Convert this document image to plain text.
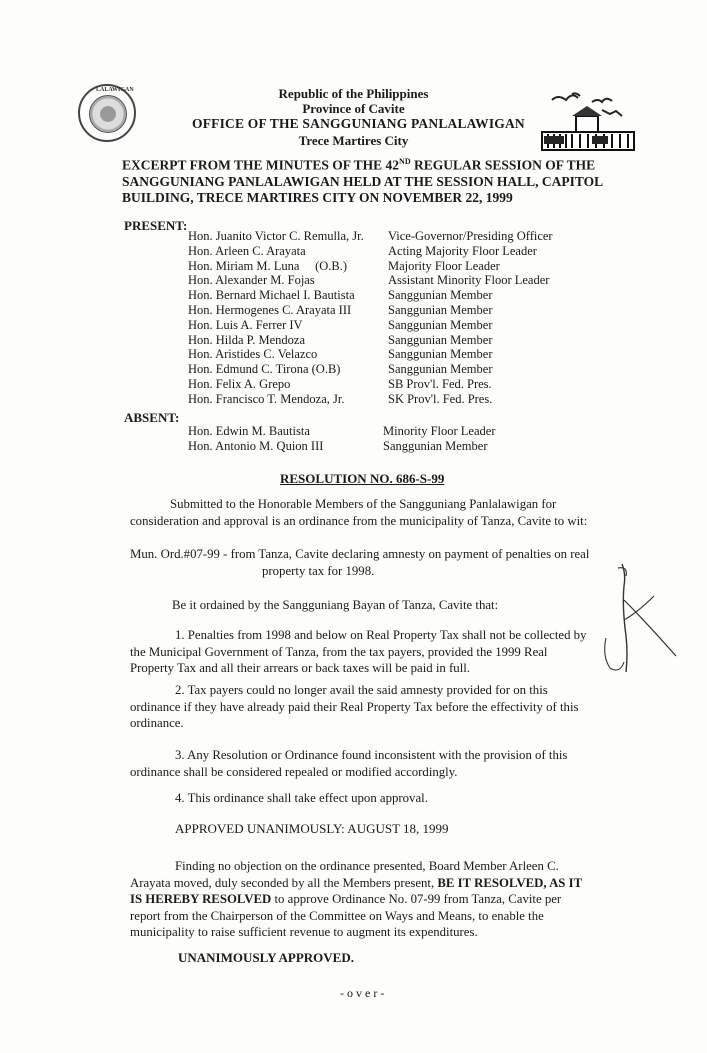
LALAWIGAN	Republic of the Philippines
Province of Cavite
OFFICE OF THE SANGGUNIANG PANLALAWIGAN
Trece Martires City
EXCERPT FROM THE MINUTES OF THE 42ND REGULAR SESSION OF THE
SANGGUNIANG PANLALAWIGAN HELD AT THE SESSION HALL, CAPITOL
BUILDING, TRECE MARTIRES CITY ON NOVEMBER 22, 1999
PRESENT:
Hon. Juanito Victor C. Remulla, Jr.
Hon. Arleen C. Arayata
Hon. Miriam M. Luna     (O.B.)
Hon. Alexander M. Fojas
Hon. Bernard Michael I. Bautista
Hon. Hermogenes C. Arayata III
Hon. Luis A. Ferrer IV
Hon. Hilda P. Mendoza
Hon. Aristides C. Velazco
Hon. Edmund C. Tirona (O.B)
Hon. Felix A. Grepo
Hon. Francisco T. Mendoza, Jr.
Vice-Governor/Presiding Officer
Acting Majority Floor Leader
Majority Floor Leader
Assistant Minority Floor Leader
Sanggunian Member
Sanggunian Member
Sanggunian Member
Sanggunian Member
Sanggunian Member
Sanggunian Member
SB Prov'l. Fed. Pres.
SK Prov'l. Fed. Pres.
ABSENT:
Hon. Edwin M. Bautista
Hon. Antonio M. Quion III
Minority Floor Leader
Sanggunian Member
RESOLUTION NO. 686-S-99
Submitted to the Honorable Members of the Sangguniang Panlalawigan for
consideration and approval is an ordinance from the municipality of Tanza, Cavite to wit:
Mun. Ord.#07-99 - from Tanza, Cavite declaring amnesty on payment of penalties on real
property tax for 1998.
Be it ordained by the Sangguniang Bayan of Tanza, Cavite that:
1. Penalties from 1998 and below on Real Property Tax shall not be collected by
the Municipal Government of Tanza, from the tax payers, provided the 1999 Real
Property Tax and all their arrears or back taxes will be paid in full.
2. Tax payers could no longer avail the said amnesty provided for on this
ordinance if they have already paid their Real Property Tax before the effectivity of this
ordinance.
3. Any Resolution or Ordinance found inconsistent with the provision of this
ordinance shall be considered repealed or modified accordingly.
4. This ordinance shall take effect upon approval.
APPROVED UNANIMOUSLY: AUGUST 18, 1999
Finding no objection on the ordinance presented, Board Member Arleen C.
Arayata moved, duly seconded by all the Members present, BE IT RESOLVED, AS IT
IS HEREBY RESOLVED to approve Ordinance No. 07-99 from Tanza, Cavite per
report from the Chairperson of the Committee on Ways and Means, to enable the
municipality to raise sufficient revenue to augment its expenditures.
UNANIMOUSLY APPROVED.
- o v e r -
